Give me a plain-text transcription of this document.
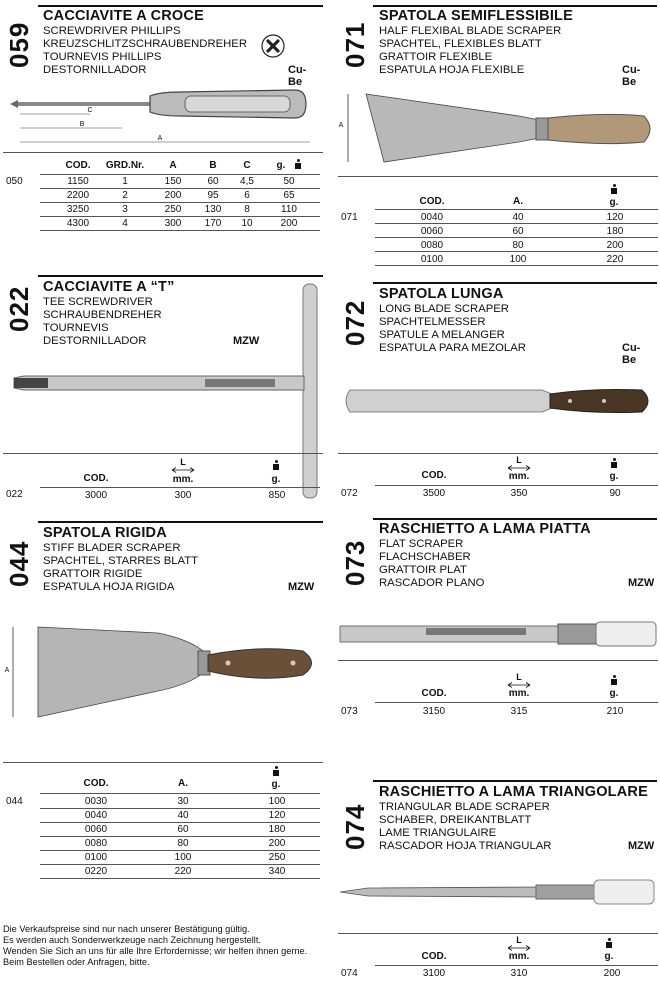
059
CACCIAVITE A CROCE
SCREWDRIVER PHILLIPS
KREUZSCHLITZSCHRAUBENDREHER
TOURNEVIS PHILLIPS
DESTORNILLADOR	Cu-Be
C
B
A
COD.	GRD.Nr.	A	B	C	g.
050	1150	1	150	60	4,5	50
2200	2	200	95	6	65
3250	3	250	130	8	110
4300	4	300	170	10	200
022 CACCIAVITE A “T”
TEE SCREWDRIVER
SCHRAUBENDREHER
TOURNEVIS
DESTORNILLADOR	MZW
COD.
L
mm.	g.
022	3000	300	850
044
SPATOLA RIGIDA
STIFF BLADER SCRAPER
SPACHTEL, STARRES BLATT
GRATTOIR RIGIDE
ESPATULA HOJA RIGIDA	MZW
A
COD.	A.	g.
044	0030	30	100
0040	40	120
0060	60	180
0080	80	200
0100	100	250
0220	220	340
071
SPATOLA SEMIFLESSIBILE
HALF FLEXIBAL BLADE SCRAPER
SPACHTEL, FLEXIBLES BLATT
GRATTOIR FLEXIBLE
ESPATULA HOJA FLEXIBLE	Cu-Be
A
COD.	A.	g.
071	0040	40	120
0060	60	180
0080	80	200
0100	100	220
072
SPATOLA LUNGA
LONG BLADE SCRAPER
SPACHTELMESSER
SPATULE A MELANGER
ESPATULA PARA MEZOLAR	Cu-Be
COD.
L
mm.	g.
072	3500	350	90
073
RASCHIETTO A LAMA PIATTA
FLAT SCRAPER
FLACHSCHABER
GRATTOIR PLAT
RASCADOR PLANO	MZW
COD.
L
mm.	g.
073	3150	315	210
074
RASCHIETTO A LAMA TRIANGOLARE
TRIANGULAR BLADE SCRAPER
SCHABER, DREIKANTBLATT
LAME TRIANGULAIRE
RASCADOR HOJA TRIANGULAR	MZW
COD.
L
mm.	g.
074	3100	310	200
Die Verkaufspreise sind nur nach unserer Bestätigung gültig.
Es werden auch Sonderwerkzeuge nach Zeichnung hergestellt.
Wenden Sie Sich an uns für alle Ihre Erfordernisse; wir helfen ihnen gerne.
Beim Bestellen oder Anfragen, bitte.
